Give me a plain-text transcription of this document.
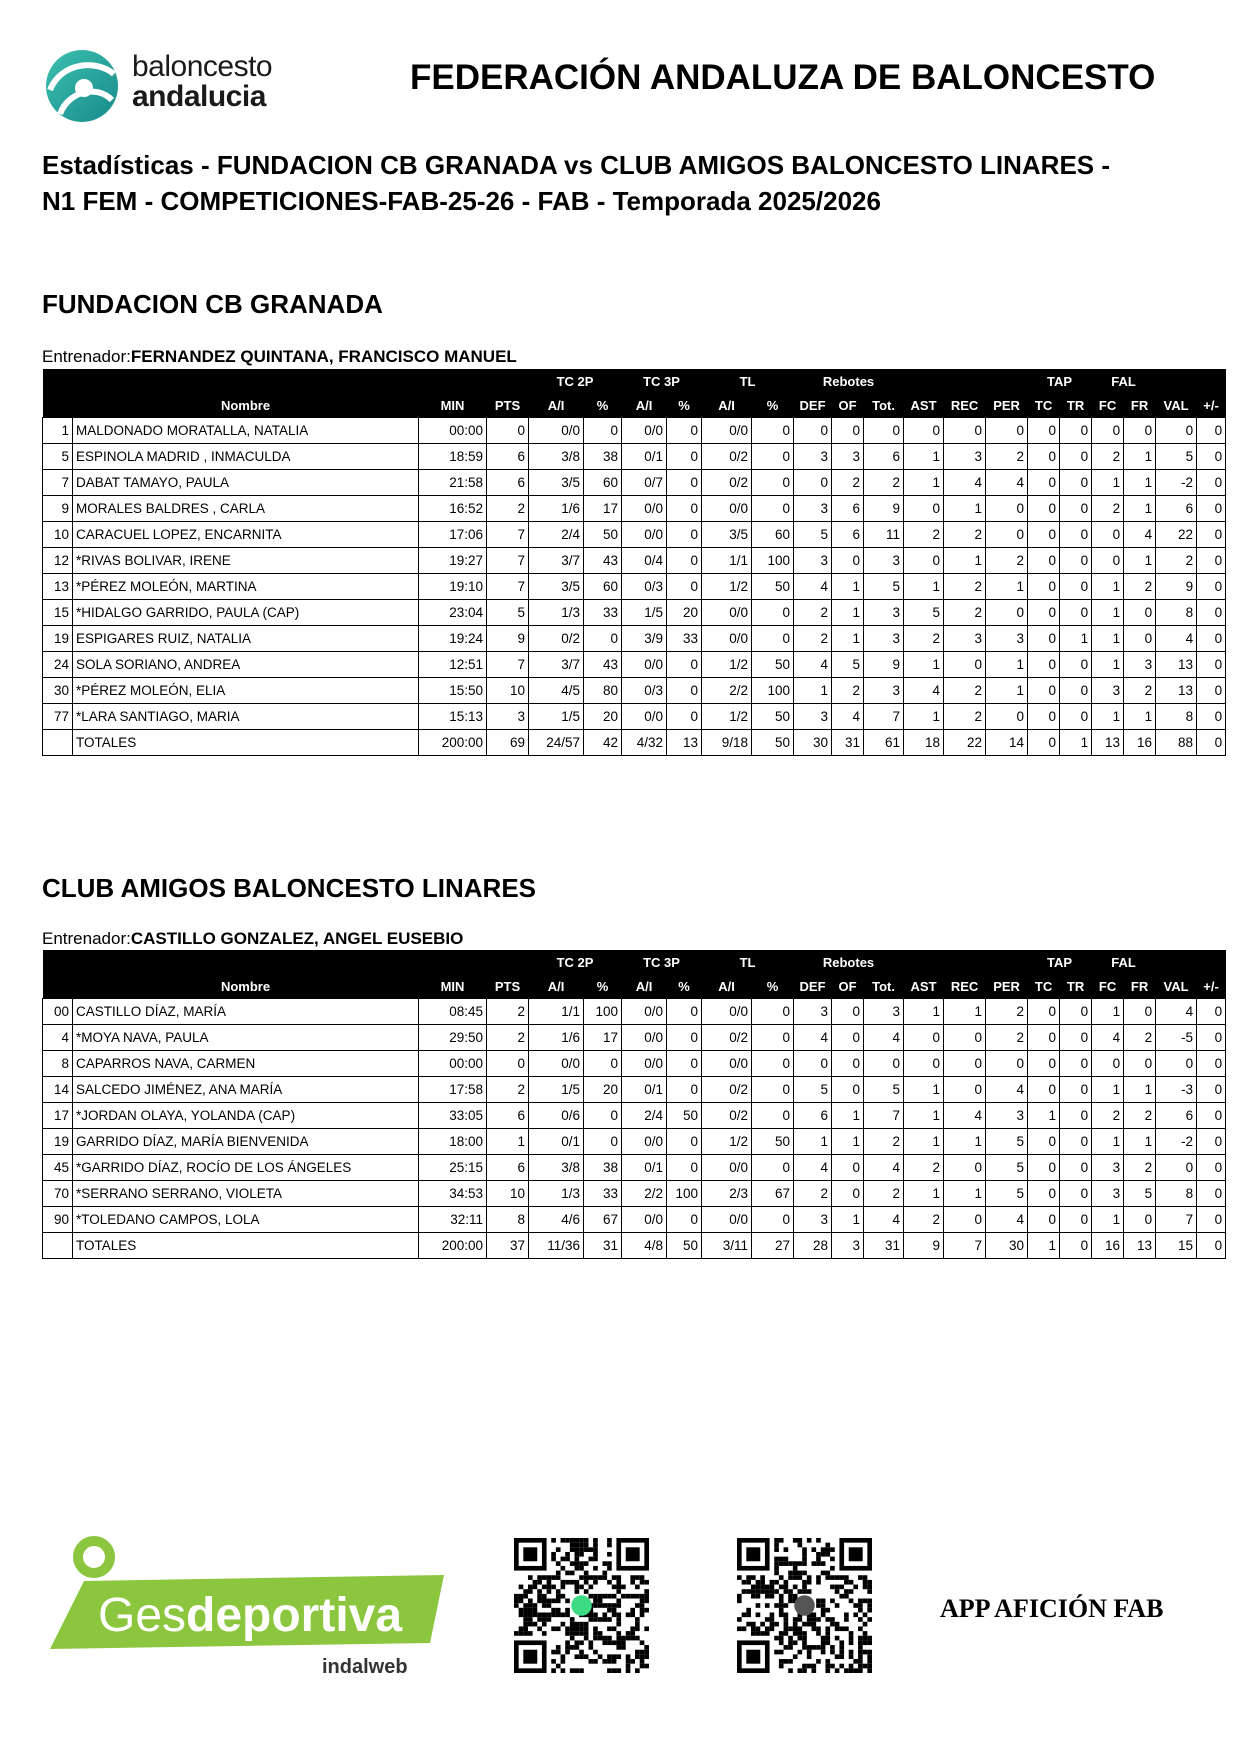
baloncesto
andalucia	FEDERACIÓN ANDALUZA DE BALONCESTO
Estadísticas - FUNDACION CB GRANADA vs CLUB AMIGOS BALONCESTO LINARES -
N1 FEM - COMPETICIONES-FAB-25-26 - FAB - Temporada 2025/2026
FUNDACION CB GRANADA
Entrenador:FERNANDEZ QUINTANA, FRANCISCO MANUEL
				TC 2P		TC 3P		TL		Rebotes						TAP		FAL			
	Nombre	MIN	PTS	A/I	%	A/I	%	A/I	%	DEF	OF	Tot.	AST	REC	PER	TC	TR	FC	FR	VAL	+/-
1	MALDONADO MORATALLA, NATALIA	00:00	0	0/0	0	0/0	0	0/0	0	0	0	0	0	0	0	0	0	0	0	0	0
5	ESPINOLA MADRID , INMACULDA	18:59	6	3/8	38	0/1	0	0/2	0	3	3	6	1	3	2	0	0	2	1	5	0
7	DABAT TAMAYO, PAULA	21:58	6	3/5	60	0/7	0	0/2	0	0	2	2	1	4	4	0	0	1	1	-2	0
9	MORALES BALDRES , CARLA	16:52	2	1/6	17	0/0	0	0/0	0	3	6	9	0	1	0	0	0	2	1	6	0
10	CARACUEL LOPEZ, ENCARNITA	17:06	7	2/4	50	0/0	0	3/5	60	5	6	11	2	2	0	0	0	0	4	22	0
12	*RIVAS BOLIVAR, IRENE	19:27	7	3/7	43	0/4	0	1/1	100	3	0	3	0	1	2	0	0	0	1	2	0
13	*PÉREZ MOLEÓN, MARTINA	19:10	7	3/5	60	0/3	0	1/2	50	4	1	5	1	2	1	0	0	1	2	9	0
15	*HIDALGO GARRIDO, PAULA (CAP)	23:04	5	1/3	33	1/5	20	0/0	0	2	1	3	5	2	0	0	0	1	0	8	0
19	ESPIGARES RUIZ, NATALIA	19:24	9	0/2	0	3/9	33	0/0	0	2	1	3	2	3	3	0	1	1	0	4	0
24	SOLA SORIANO, ANDREA	12:51	7	3/7	43	0/0	0	1/2	50	4	5	9	1	0	1	0	0	1	3	13	0
30	*PÉREZ MOLEÓN, ELIA	15:50	10	4/5	80	0/3	0	2/2	100	1	2	3	4	2	1	0	0	3	2	13	0
77	*LARA SANTIAGO, MARIA	15:13	3	1/5	20	0/0	0	1/2	50	3	4	7	1	2	0	0	0	1	1	8	0
	TOTALES	200:00	69	24/57	42	4/32	13	9/18	50	30	31	61	18	22	14	0	1	13	16	88	0
CLUB AMIGOS BALONCESTO LINARES
Entrenador:CASTILLO GONZALEZ, ANGEL EUSEBIO
				TC 2P		TC 3P		TL		Rebotes						TAP		FAL			
	Nombre	MIN	PTS	A/I	%	A/I	%	A/I	%	DEF	OF	Tot.	AST	REC	PER	TC	TR	FC	FR	VAL	+/-
00	CASTILLO DÍAZ, MARÍA	08:45	2	1/1	100	0/0	0	0/0	0	3	0	3	1	1	2	0	0	1	0	4	0
4	*MOYA NAVA, PAULA	29:50	2	1/6	17	0/0	0	0/2	0	4	0	4	0	0	2	0	0	4	2	-5	0
8	CAPARROS NAVA, CARMEN	00:00	0	0/0	0	0/0	0	0/0	0	0	0	0	0	0	0	0	0	0	0	0	0
14	SALCEDO JIMÉNEZ, ANA MARÍA	17:58	2	1/5	20	0/1	0	0/2	0	5	0	5	1	0	4	0	0	1	1	-3	0
17	*JORDAN OLAYA, YOLANDA (CAP)	33:05	6	0/6	0	2/4	50	0/2	0	6	1	7	1	4	3	1	0	2	2	6	0
19	GARRIDO DÍAZ, MARÍA BIENVENIDA	18:00	1	0/1	0	0/0	0	1/2	50	1	1	2	1	1	5	0	0	1	1	-2	0
45	*GARRIDO DÍAZ, ROCÍO DE LOS ÁNGELES	25:15	6	3/8	38	0/1	0	0/0	0	4	0	4	2	0	5	0	0	3	2	0	0
70	*SERRANO SERRANO, VIOLETA	34:53	10	1/3	33	2/2	100	2/3	67	2	0	2	1	1	5	0	0	3	5	8	0
90	*TOLEDANO CAMPOS, LOLA	32:11	8	4/6	67	0/0	0	0/0	0	3	1	4	2	0	4	0	0	1	0	7	0
	TOTALES	200:00	37	11/36	31	4/8	50	3/11	27	28	3	31	9	7	30	1	0	16	13	15	0
Ges deportiva
indalweb
APP AFICIÓN FAB
